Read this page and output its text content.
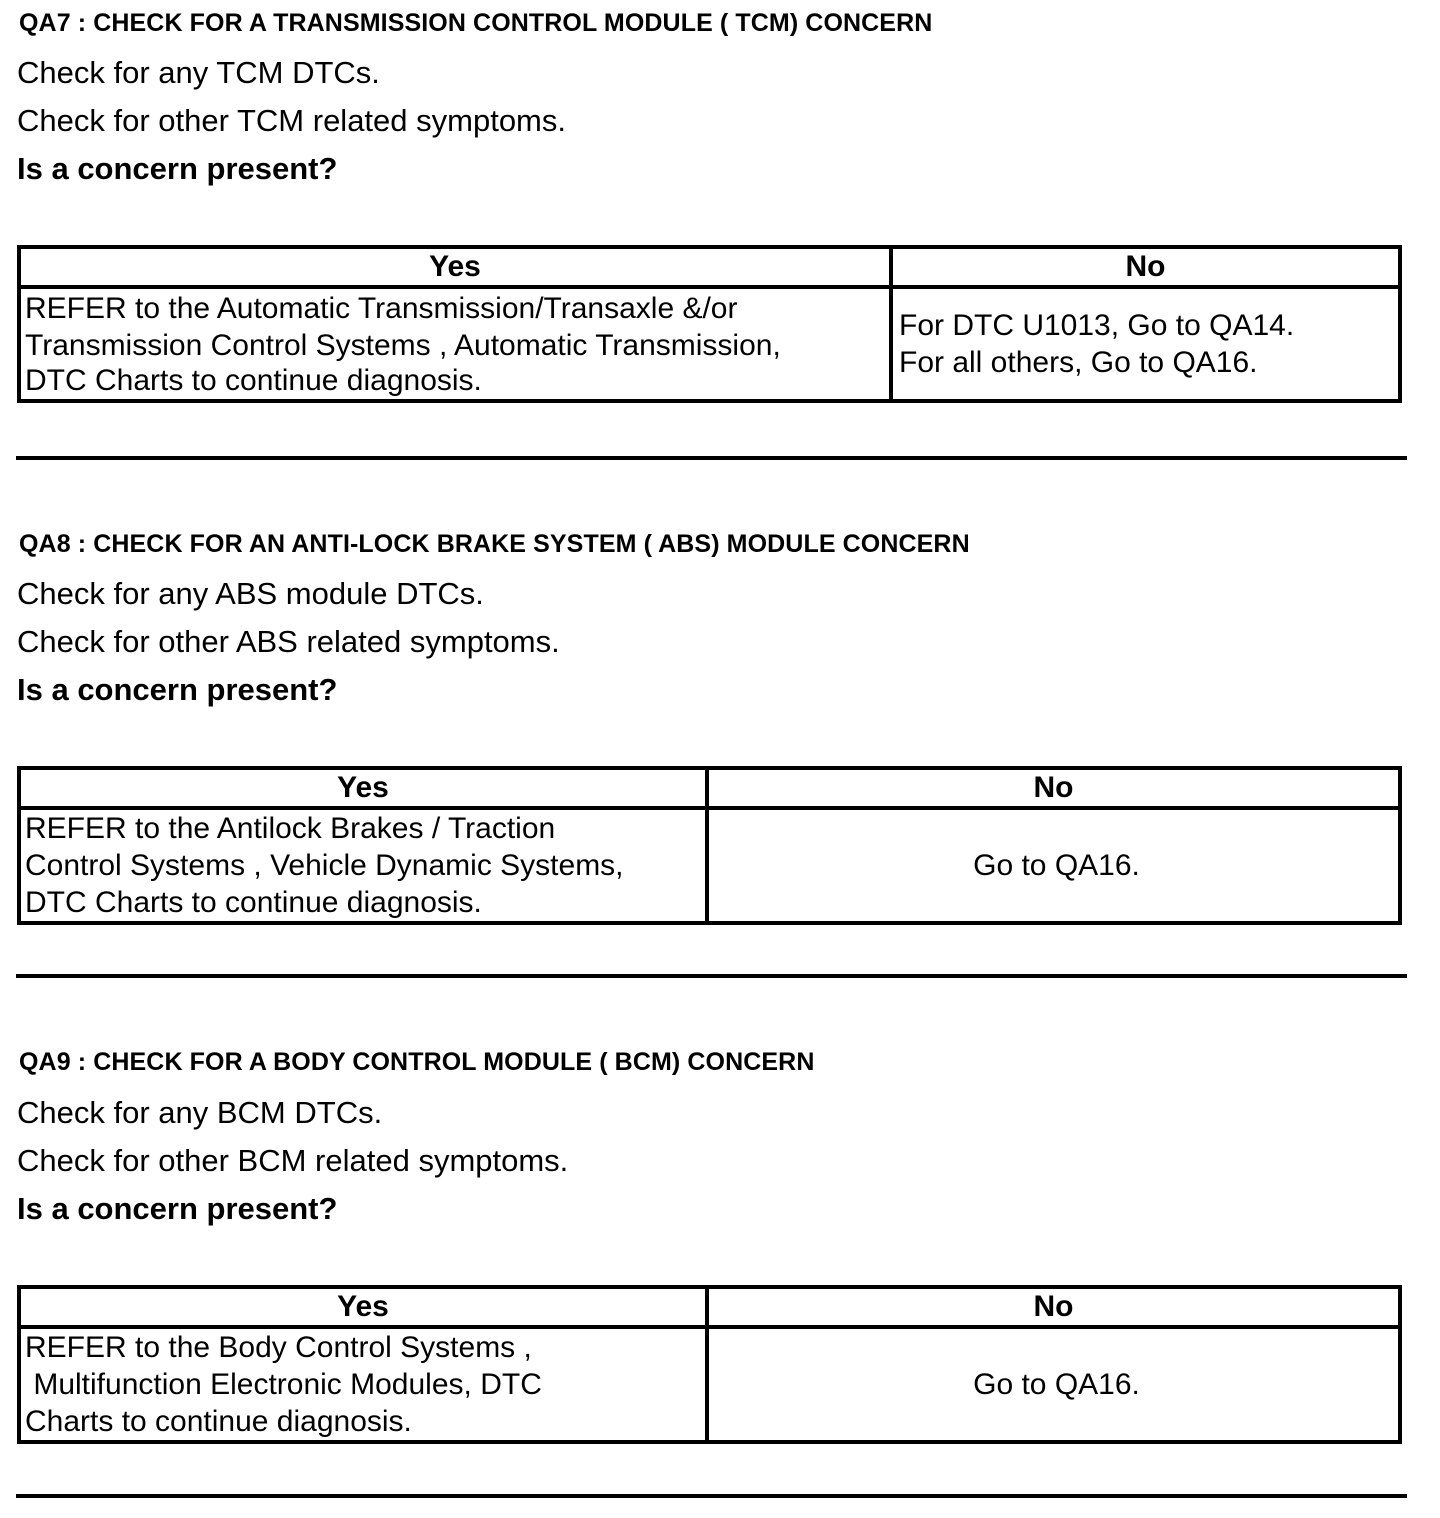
QA7 : CHECK FOR A TRANSMISSION CONTROL MODULE ( TCM) CONCERN
Check for any TCM DTCs.
Check for other TCM related symptoms.
Is a concern present?
Yes	No

REFER to the Automatic Transmission/Transaxle &/or
Transmission Control Systems , Automatic Transmission,
DTC Charts to continue diagnosis.	For DTC U1013, Go to QA14.
For all others, Go to QA16.
QA8 : CHECK FOR AN ANTI-LOCK BRAKE SYSTEM ( ABS) MODULE CONCERN
Check for any ABS module DTCs.
Check for other ABS related symptoms.
Is a concern present?
Yes	No

REFER to the Antilock Brakes / Traction
Control Systems , Vehicle Dynamic Systems,
DTC Charts to continue diagnosis.	Go to QA16.
QA9 : CHECK FOR A BODY CONTROL MODULE ( BCM) CONCERN
Check for any BCM DTCs.
Check for other BCM related symptoms.
Is a concern present?
Yes	No

REFER to the Body Control Systems ,
Multifunction Electronic Modules, DTC
Charts to continue diagnosis.	Go to QA16.
